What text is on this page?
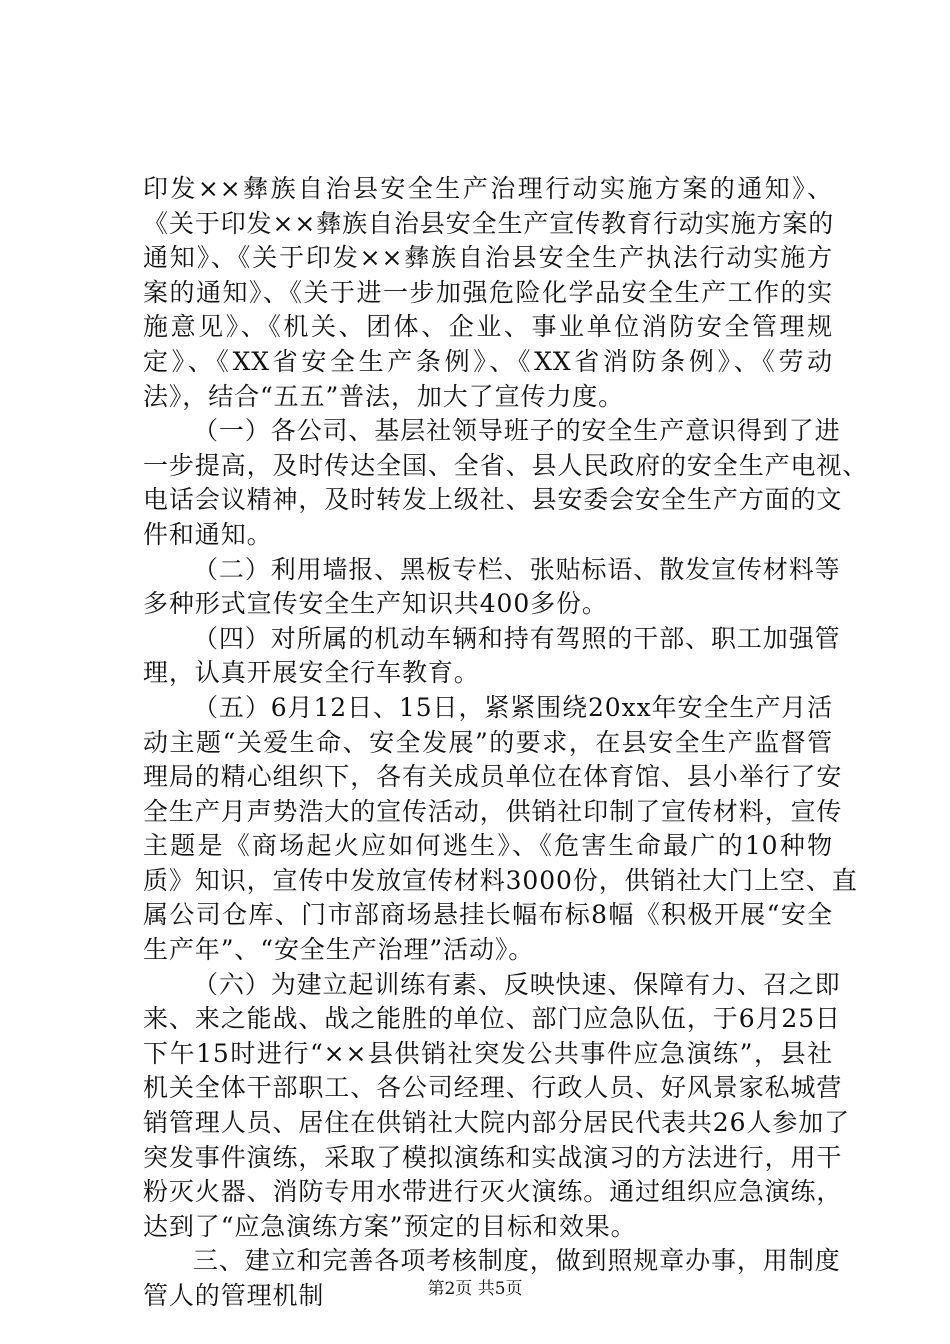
印发××彝族自治县安全生产治理行动实施方案的通知》、
《关于印发××彝族自治县安全生产宣传教育行动实施方案的
通知》、《关于印发××彝族自治县安全生产执法行动实施方
案的通知》、《关于进一步加强危险化学品安全生产工作的实
施意见》、《机关、团体、企业、事业单位消防安全管理规
定》、《XX省安全生产条例》、《XX省消防条例》、《劳动
法》，结合“五五”普法，加大了宣传力度。
（一）各公司、基层社领导班子的安全生产意识得到了进
一步提高，及时传达全国、全省、县人民政府的安全生产电视、
电话会议精神，及时转发上级社、县安委会安全生产方面的文
件和通知。
（二）利用墙报、黑板专栏、张贴标语、散发宣传材料等
多种形式宣传安全生产知识共400多份。
（四）对所属的机动车辆和持有驾照的干部、职工加强管
理，认真开展安全行车教育。
（五）6月12日、15日，紧紧围绕20xx年安全生产月活
动主题“关爱生命、安全发展”的要求，在县安全生产监督管
理局的精心组织下，各有关成员单位在体育馆、县小举行了安
全生产月声势浩大的宣传活动，供销社印制了宣传材料，宣传
主题是《商场起火应如何逃生》、《危害生命最广的10种物
质》知识，宣传中发放宣传材料3000份，供销社大门上空、直
属公司仓库、门市部商场悬挂长幅布标8幅《积极开展“安全
生产年”、“安全生产治理”活动》。
（六）为建立起训练有素、反映快速、保障有力、召之即
来、来之能战、战之能胜的单位、部门应急队伍，于6月25日
下午15时进行“××县供销社突发公共事件应急演练”，县社
机关全体干部职工、各公司经理、行政人员、好风景家私城营
销管理人员、居住在供销社大院内部分居民代表共26人参加了
突发事件演练，采取了模拟演练和实战演习的方法进行，用干
粉灭火器、消防专用水带进行灭火演练。通过组织应急演练，
达到了“应急演练方案”预定的目标和效果。
三、建立和完善各项考核制度，做到照规章办事，用制度
管人的管理机制	第2页 共5页
